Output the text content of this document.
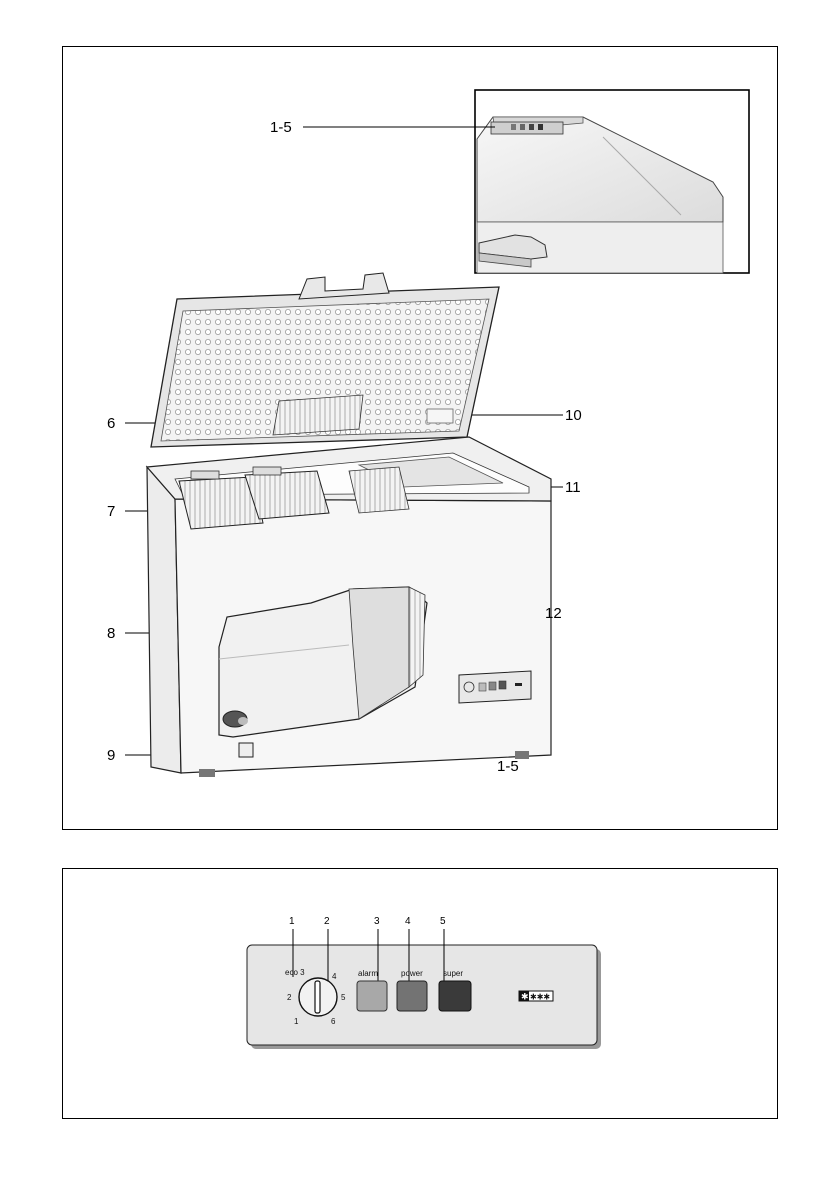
1-5
6
7
8
9
10
11
12
1-5
1	2	3	4	5
eco 3
1
2
4
5
6
alarm	power	super
✱ ✱✱✱
